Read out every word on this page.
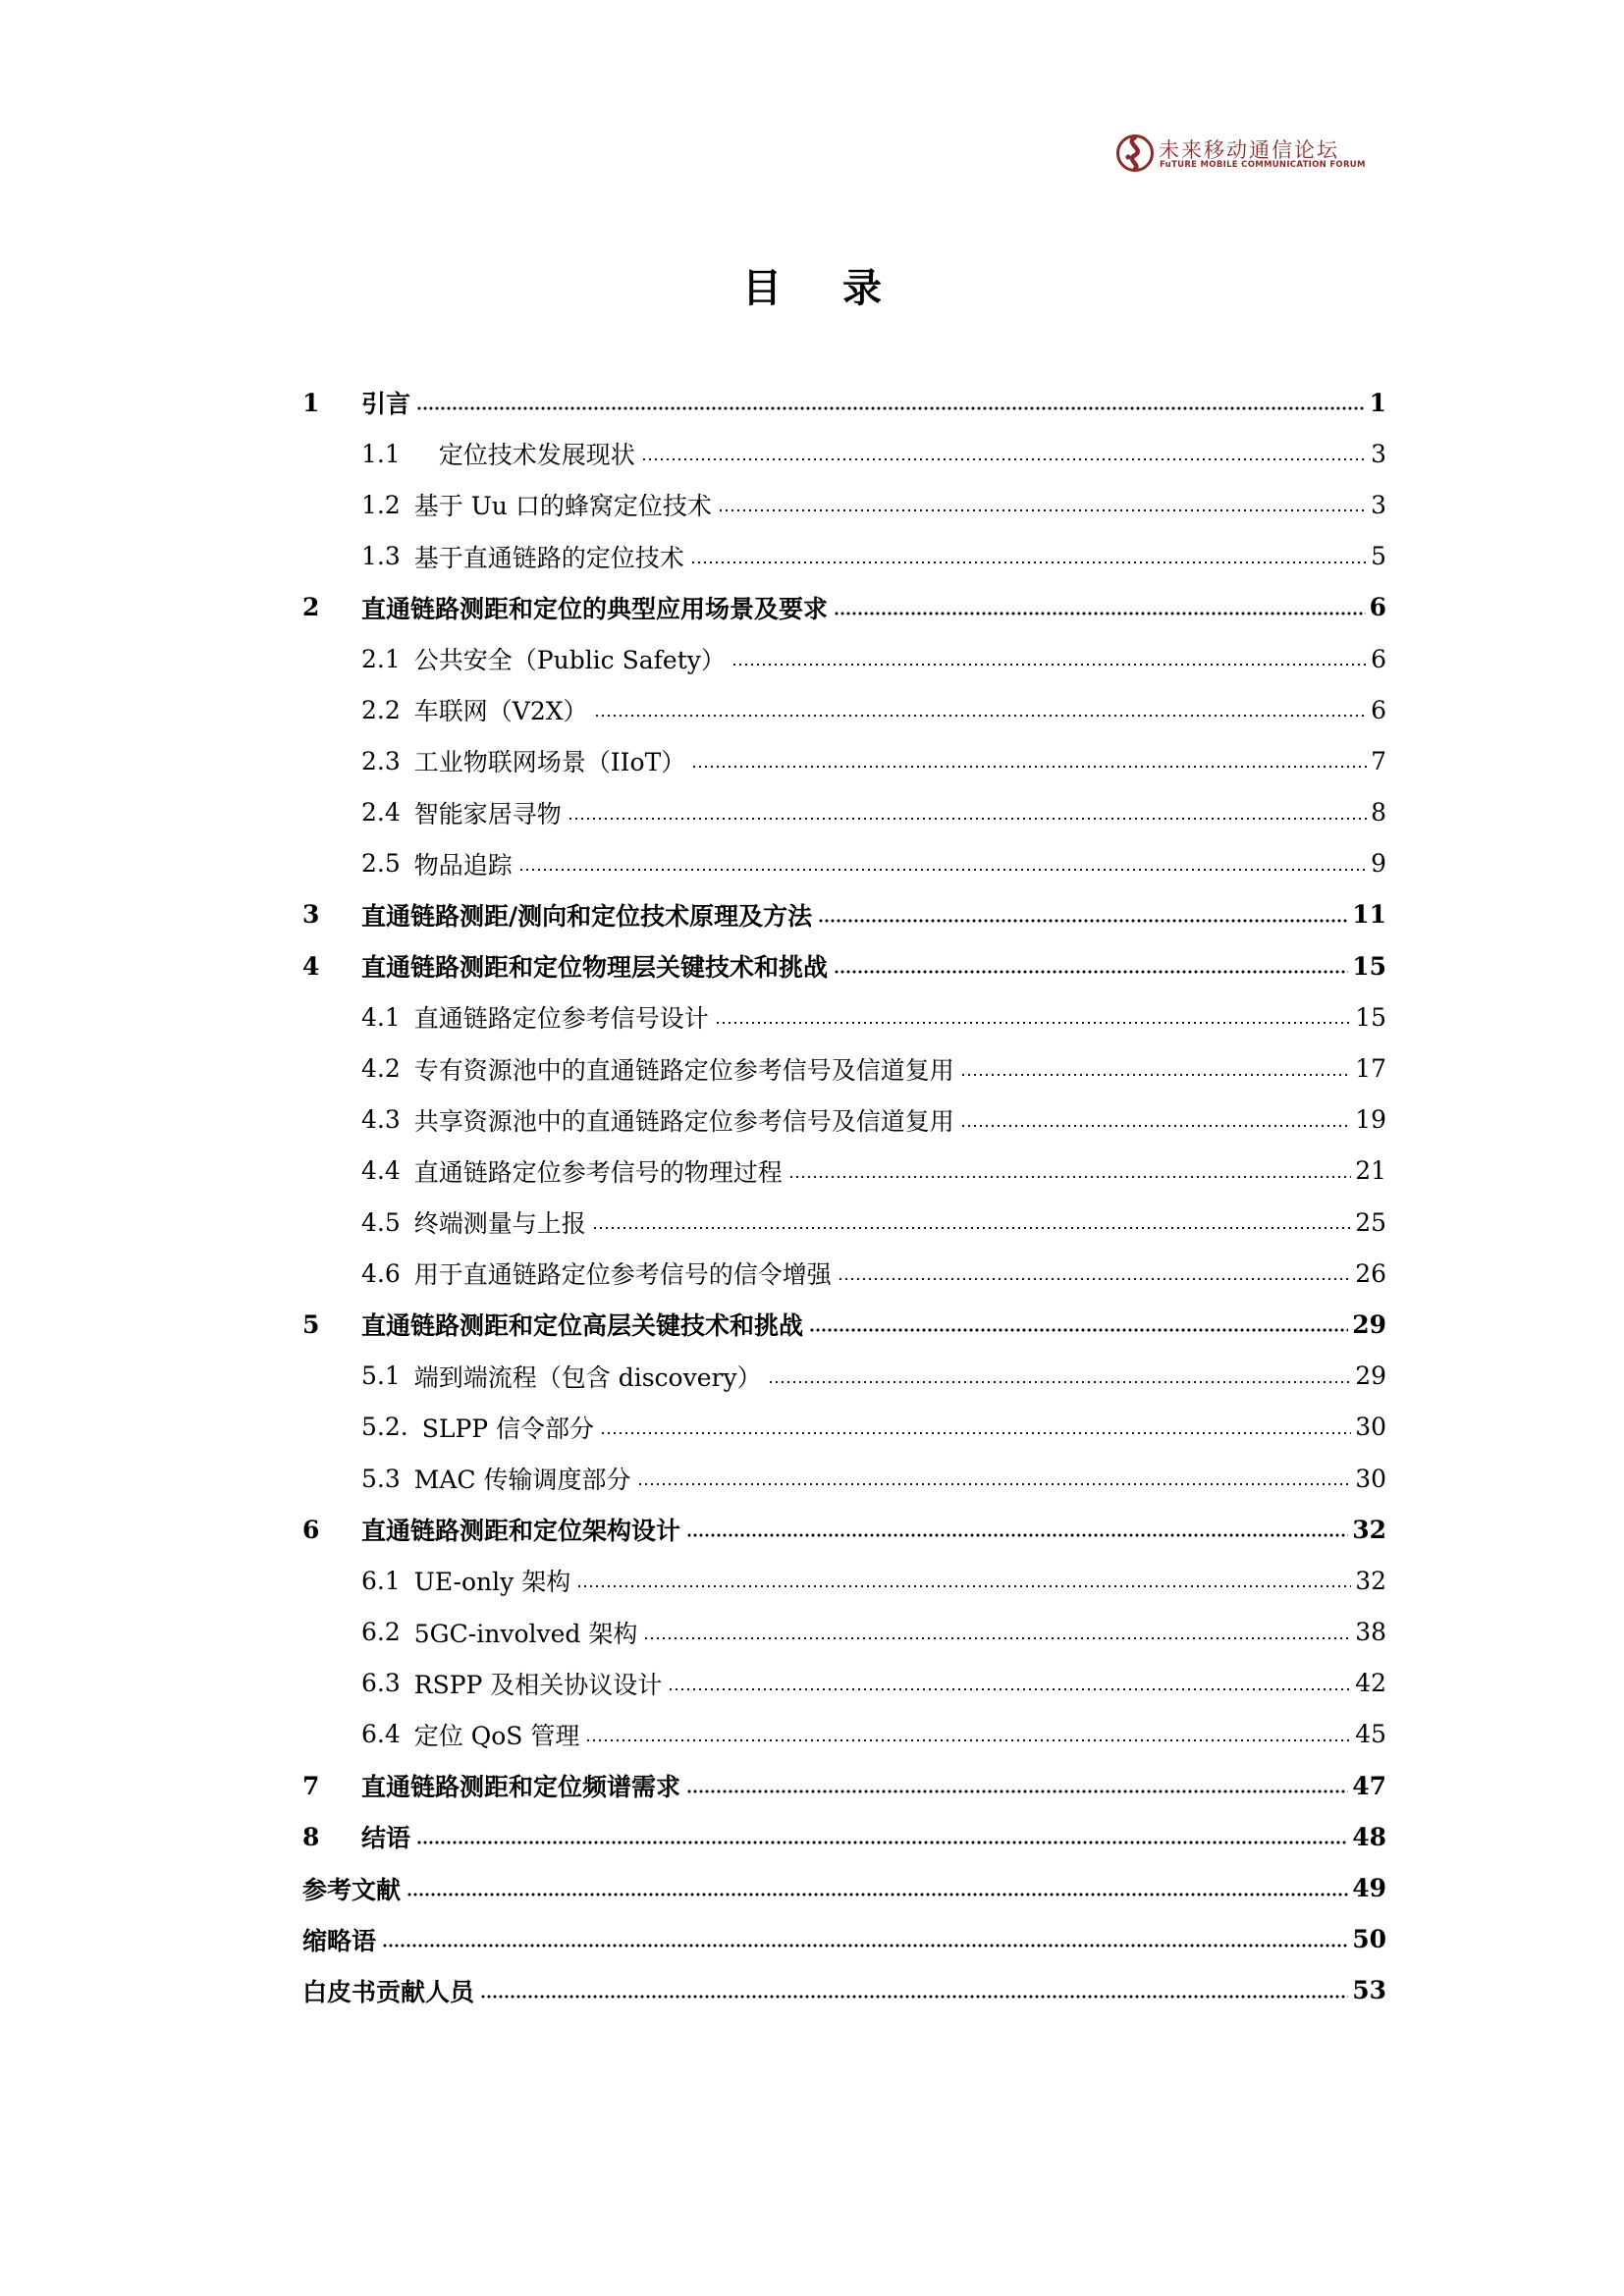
未来移动通信论坛
FuTURE MOBILE COMMUNICATION FORUM
目 录
1	引言	1
1.1 　定位技术发展现状	3
1.2 基于 Uu 口的蜂窝定位技术	3
1.3 基于直通链路的定位技术	5
2	直通链路测距和定位的典型应用场景及要求	6
2.1 公共安全（Public Safety）	6
2.2 车联网（V2X）	6
2.3 工业物联网场景（IIoT）	7
2.4 智能家居寻物	8
2.5 物品追踪	9
3	直通链路测距/测向和定位技术原理及方法	11
4	直通链路测距和定位物理层关键技术和挑战	15
4.1 直通链路定位参考信号设计	15
4.2 专有资源池中的直通链路定位参考信号及信道复用	17
4.3 共享资源池中的直通链路定位参考信号及信道复用	19
4.4 直通链路定位参考信号的物理过程	21
4.5 终端测量与上报	25
4.6 用于直通链路定位参考信号的信令增强	26
5	直通链路测距和定位高层关键技术和挑战	29
5.1 端到端流程（包含 discovery）	29
5.2. SLPP 信令部分	30
5.3 MAC 传输调度部分	30
6	直通链路测距和定位架构设计	32
6.1 UE-only 架构	32
6.2 5GC-involved 架构	38
6.3 RSPP 及相关协议设计	42
6.4 定位 QoS 管理	45
7	直通链路测距和定位频谱需求	47
8	结语	48
参考文献	49
缩略语	50
白皮书贡献人员	53
